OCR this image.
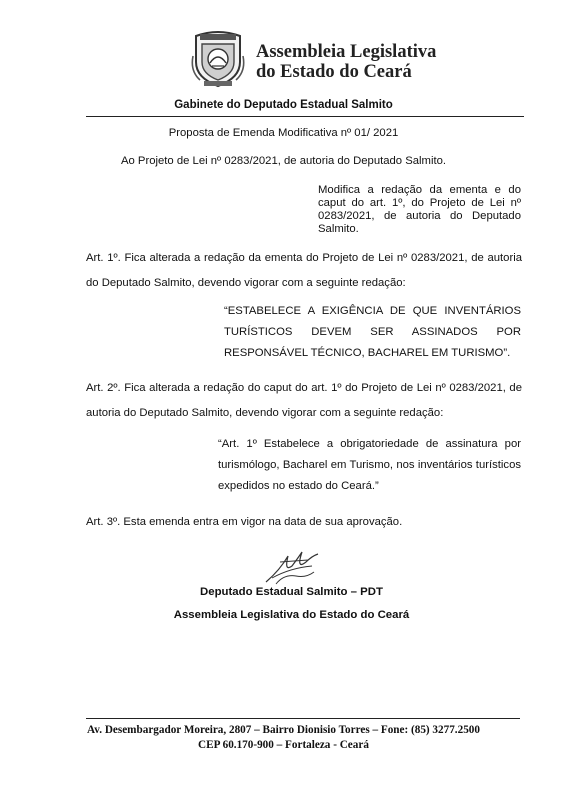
Assembleia Legislativa
do Estado do Ceará
Gabinete do Deputado Estadual Salmito
Proposta de Emenda Modificativa nº 01/ 2021
Ao Projeto de Lei nº 0283/2021, de autoria do Deputado Salmito.
Modifica a redação da ementa e do caput do art. 1º, do Projeto de Lei nº 0283/2021, de autoria do Deputado Salmito.
Art. 1º. Fica alterada a redação da ementa do Projeto de Lei nº 0283/2021, de autoria do Deputado Salmito, devendo vigorar com a seguinte redação:
“ESTABELECE A EXIGÊNCIA DE QUE INVENTÁRIOS TURÍSTICOS DEVEM SER ASSINADOS POR RESPONSÁVEL TÉCNICO, BACHAREL EM TURISMO”.
Art. 2º. Fica alterada a redação do caput do art. 1º do Projeto de Lei nº 0283/2021, de autoria do Deputado Salmito, devendo vigorar com a seguinte redação:
“Art. 1º Estabelece a obrigatoriedade de assinatura por turismólogo, Bacharel em Turismo, nos inventários turísticos expedidos no estado do Ceará.”
Art. 3º. Esta emenda entra em vigor na data de sua aprovação.
Deputado Estadual Salmito – PDT
Assembleia Legislativa do Estado do Ceará
Av. Desembargador Moreira, 2807 – Bairro Dionisio Torres – Fone: (85) 3277.2500
CEP 60.170-900 – Fortaleza - Ceará
